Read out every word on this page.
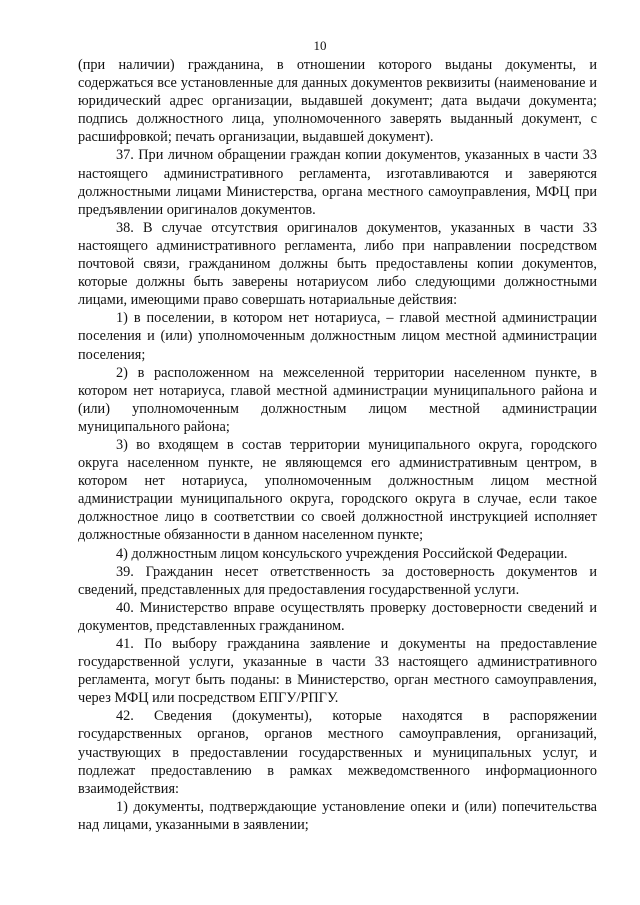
10

(при наличии) гражданина, в отношении которого выданы документы, и содержаться все установленные для данных документов реквизиты (наименование и юридический адрес организации, выдавшей документ; дата выдачи документа; подпись должностного лица, уполномоченного заверять выданный документ, с расшифровкой; печать организации, выдавшей документ).

37. При личном обращении граждан копии документов, указанных в части 33 настоящего административного регламента, изготавливаются и заверяются должностными лицами Министерства, органа местного самоуправления, МФЦ при предъявлении оригиналов документов.

38. В случае отсутствия оригиналов документов, указанных в части 33 настоящего административного регламента, либо при направлении посредством почтовой связи, гражданином должны быть предоставлены копии документов, которые должны быть заверены нотариусом либо следующими должностными лицами, имеющими право совершать нотариальные действия:

1) в поселении, в котором нет нотариуса, – главой местной администрации поселения и (или) уполномоченным должностным лицом местной администрации поселения;

2) в расположенном на межселенной территории населенном пункте, в котором нет нотариуса, главой местной администрации муниципального района и (или) уполномоченным должностным лицом местной администрации муниципального района;

3) во входящем в состав территории муниципального округа, городского округа населенном пункте, не являющемся его административным центром, в котором нет нотариуса, уполномоченным должностным лицом местной администрации муниципального округа, городского округа в случае, если такое должностное лицо в соответствии со своей должностной инструкцией исполняет должностные обязанности в данном населенном пункте;

4) должностным лицом консульского учреждения Российской Федерации.

39. Гражданин несет ответственность за достоверность документов и сведений, представленных для предоставления государственной услуги.

40. Министерство вправе осуществлять проверку достоверности сведений и документов, представленных гражданином.

41. По выбору гражданина заявление и документы на предоставление государственной услуги, указанные в части 33 настоящего административного регламента, могут быть поданы: в Министерство, орган местного самоуправления, через МФЦ или посредством ЕПГУ/РПГУ.

42. Сведения (документы), которые находятся в распоряжении государственных органов, органов местного самоуправления, организаций, участвующих в предоставлении государственных и муниципальных услуг, и подлежат предоставлению в рамках межведомственного информационного взаимодействия:

1) документы, подтверждающие установление опеки и (или) попечительства над лицами, указанными в заявлении;
